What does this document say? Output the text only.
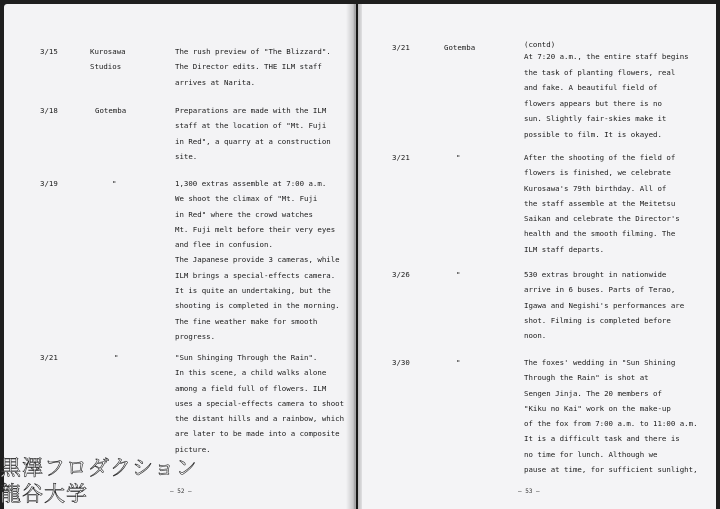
3/15	Kurosawa Studios
The rush preview of "The Blizzard".
The Director edits. THE ILM staff
arrives at Narita.
3/18	Gotemba	Preparations are made with the ILM
staff at the location of "Mt. Fuji
in Red", a quarry at a construction
site.
3/19	"	1,300 extras assemble at 7:00 a.m.
We shoot the climax of "Mt. Fuji
in Red" where the crowd watches
Mt. Fuji melt before their very eyes
and flee in confusion.
The Japanese provide 3 cameras, while
ILM brings a special-effects camera.
It is quite an undertaking, but the
shooting is completed in the morning.
The fine weather make for smooth
progress.
3/21	"	"Sun Shinging Through the Rain".
In this scene, a child walks alone
among a field full of flowers. ILM
uses a special-effects camera to shoot
the distant hills and a rainbow, which
are later to be made into a composite
picture.
— 52 —
3/21	Gotemba	(contd)
At 7:20 a.m., the entire staff begins
the task of planting flowers, real
and fake. A beautiful field of
flowers appears but there is no
sun. Slightly fair-skies make it
possible to film. It is okayed.
3/21	"	After the shooting of the field of
flowers is finished, we celebrate
Kurosawa's 79th birthday. All of
the staff assemble at the Meitetsu
Saikan and celebrate the Director's
health and the smooth filming. The
ILM staff departs.
3/26	"	530 extras brought in nationwide
arrive in 6 buses. Parts of Terao,
Igawa and Negishi's performances are
shot. Filming is completed before
noon.
3/30	"	The foxes' wedding in "Sun Shining
Through the Rain" is shot at
Sengen Jinja. The 20 members of
"Kiku no Kai" work on the make-up
of the fox from 7:00 a.m. to 11:00 a.m.
It is a difficult task and there is
no time for lunch. Although we
pause at time, for sufficient sunlight,
— 53 —
黒澤フロダクション
龍谷大学
